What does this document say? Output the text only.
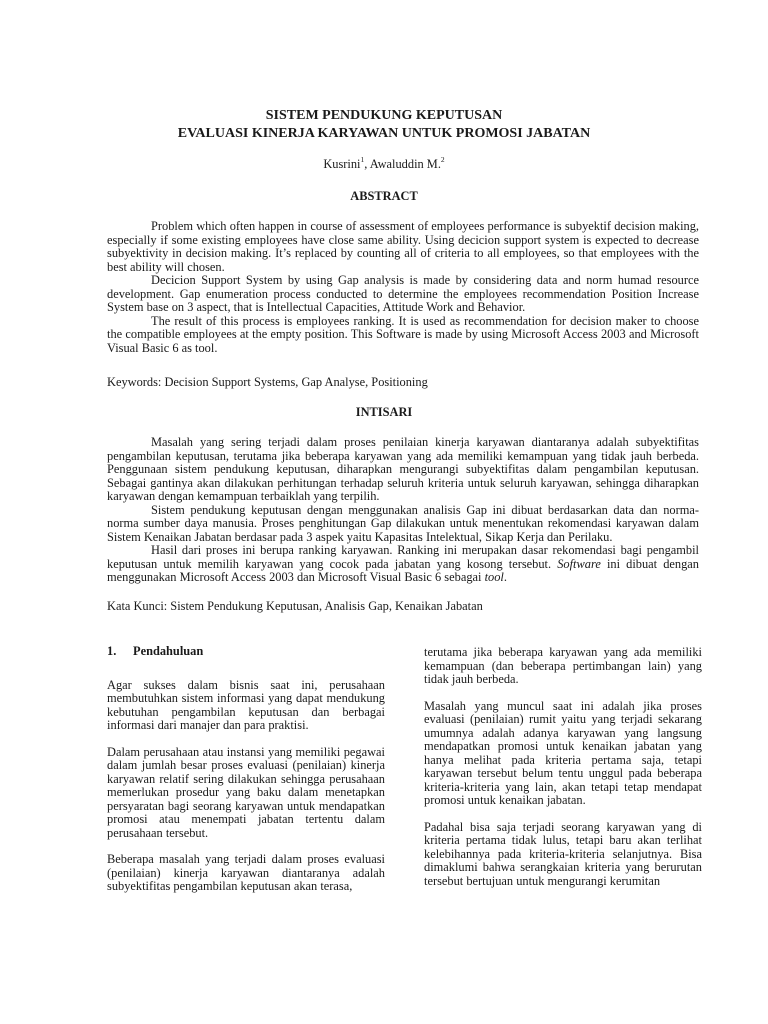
SISTEM PENDUKUNG KEPUTUSAN
EVALUASI KINERJA KARYAWAN UNTUK PROMOSI JABATAN
Kusrini$^1$, Awaluddin M.$^2$
ABSTRACT

Problem which often happen in course of assessment of employees performance is subyektif decision making, especially if some existing employees have close same ability. Using decicion support system is expected to decrease subyektivity in decision making. It’s replaced by counting all of criteria to all employees, so that employees with the best ability will chosen.

Decicion Support System by using Gap analysis is made by considering data and norm humad resource development. Gap enumeration process conducted to determine the employees recommendation Position Increase System base on 3 aspect, that is Intellectual Capacities, Attitude Work and Behavior.

The result of this process is employees ranking. It is used as recommendation for decision maker to choose the compatible employees at the empty position. This Software is made by using Microsoft Access 2003 and Microsoft Visual Basic 6 as tool.

Keywords: Decision Support Systems, Gap Analyse, Positioning

INTISARI

Masalah yang sering terjadi dalam proses penilaian kinerja karyawan diantaranya adalah subyektifitas pengambilan keputusan, terutama jika beberapa karyawan yang ada memiliki kemampuan yang tidak jauh berbeda. Penggunaan sistem pendukung keputusan, diharapkan mengurangi subyektifitas dalam pengambilan keputusan. Sebagai gantinya akan dilakukan perhitungan terhadap seluruh kriteria untuk seluruh karyawan, sehingga diharapkan karyawan dengan kemampuan terbaiklah yang terpilih.

Sistem pendukung keputusan dengan menggunakan analisis Gap ini dibuat berdasarkan data dan norma-norma sumber daya manusia. Proses penghitungan Gap dilakukan untuk menentukan rekomendasi karyawan dalam Sistem Kenaikan Jabatan berdasar pada 3 aspek yaitu Kapasitas Intelektual, Sikap Kerja dan Perilaku.

Hasil dari proses ini berupa ranking karyawan. Ranking ini merupakan dasar rekomendasi bagi pengambil keputusan untuk memilih karyawan yang cocok pada jabatan yang kosong tersebut. Software ini dibuat dengan menggunakan Microsoft Access 2003 dan Microsoft Visual Basic 6 sebagai tool.

Kata Kunci: Sistem Pendukung Keputusan, Analisis Gap, Kenaikan Jabatan

1. Pendahuluan

Agar sukses dalam bisnis saat ini, perusahaan membutuhkan sistem informasi yang dapat mendukung kebutuhan pengambilan keputusan dan berbagai informasi dari manajer dan para praktisi.

Dalam perusahaan atau instansi yang memiliki pegawai dalam jumlah besar proses evaluasi (penilaian) kinerja karyawan relatif sering dilakukan sehingga perusahaan memerlukan prosedur yang baku dalam menetapkan persyaratan bagi seorang karyawan untuk mendapatkan promosi atau menempati jabatan tertentu dalam perusahaan tersebut.

Beberapa masalah yang terjadi dalam proses evaluasi (penilaian) kinerja karyawan diantaranya adalah subyektifitas pengambilan keputusan akan terasa,

terutama jika beberapa karyawan yang ada memiliki kemampuan (dan beberapa pertimbangan lain) yang tidak jauh berbeda.

Masalah yang muncul saat ini adalah jika proses evaluasi (penilaian) rumit yaitu yang terjadi sekarang umumnya adalah adanya karyawan yang langsung mendapatkan promosi untuk kenaikan jabatan yang hanya melihat pada kriteria pertama saja, tetapi karyawan tersebut belum tentu unggul pada beberapa kriteria-kriteria yang lain, akan tetapi tetap mendapat promosi untuk kenaikan jabatan.

Padahal bisa saja terjadi seorang karyawan yang di kriteria pertama tidak lulus, tetapi baru akan terlihat kelebihannya pada kriteria-kriteria selanjutnya. Bisa dimaklumi bahwa serangkaian kriteria yang berurutan tersebut bertujuan untuk mengurangi kerumitan
